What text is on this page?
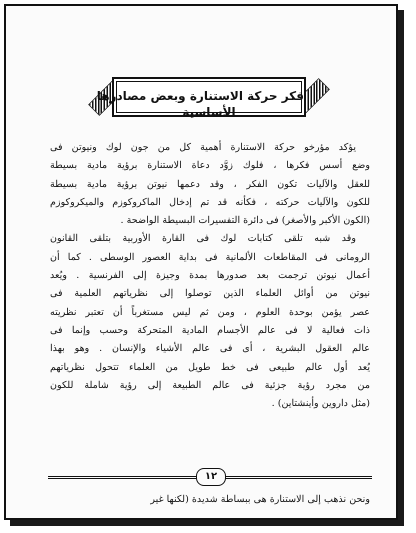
فكر حركة الاستنارة وبعض مصادرها
الأساسية
يؤكد مؤرخو حركة الاستنارة أهمية كل من جون لوك ونيوتن فى
وضع أسس فكرها ، فلوك زوَّد دعاة الاستنارة برؤية مادية بسيطة
للعقل والآليات تكون الفكر ، وقد دعمها نيوتن برؤية مادية بسيطة
للكون والآليات حركته ، فكأنه قد تم إدخال الماكروكوزم والميكروكوزم
(الكون الأكبر والأصغر) فى دائرة التفسيرات البسيطة الواضحة .
وقد شبه تلقى كتابات لوك فى القارة الأوربية بتلقى القانون
الرومانى فى المقاطعات الألمانية فى بداية العصور الوسطى . كما أن
أعمال نيوتن ترجمت بعد صدورها بمدة وجيزة إلى الفرنسية . ويُعد
نيوتن من أوائل العلماء الذين توصلوا إلى نظرياتهم العلمية فى
عصر يؤمن بوحدة العلوم ، ومن ثم ليس مستغرباً أن تعتبر نظريته
ذات فعالية لا فى عالم الأجسام المادية المتحركة وحسب وإنما فى
عالم العقول البشرية ، أى فى عالم الأشياء والإنسان . وهو بهذا
يُعد أول عالم طبيعى فى خط طويل من العلماء تتحول نظرياتهم
من مجرد رؤية جزئية فى عالم الطبيعة إلى رؤية شاملة للكون
(مثل داروين وأينشتاين) .
١٢
ونحن نذهب إلى الاستنارة هى ببساطة شديدة (لكنها غير
